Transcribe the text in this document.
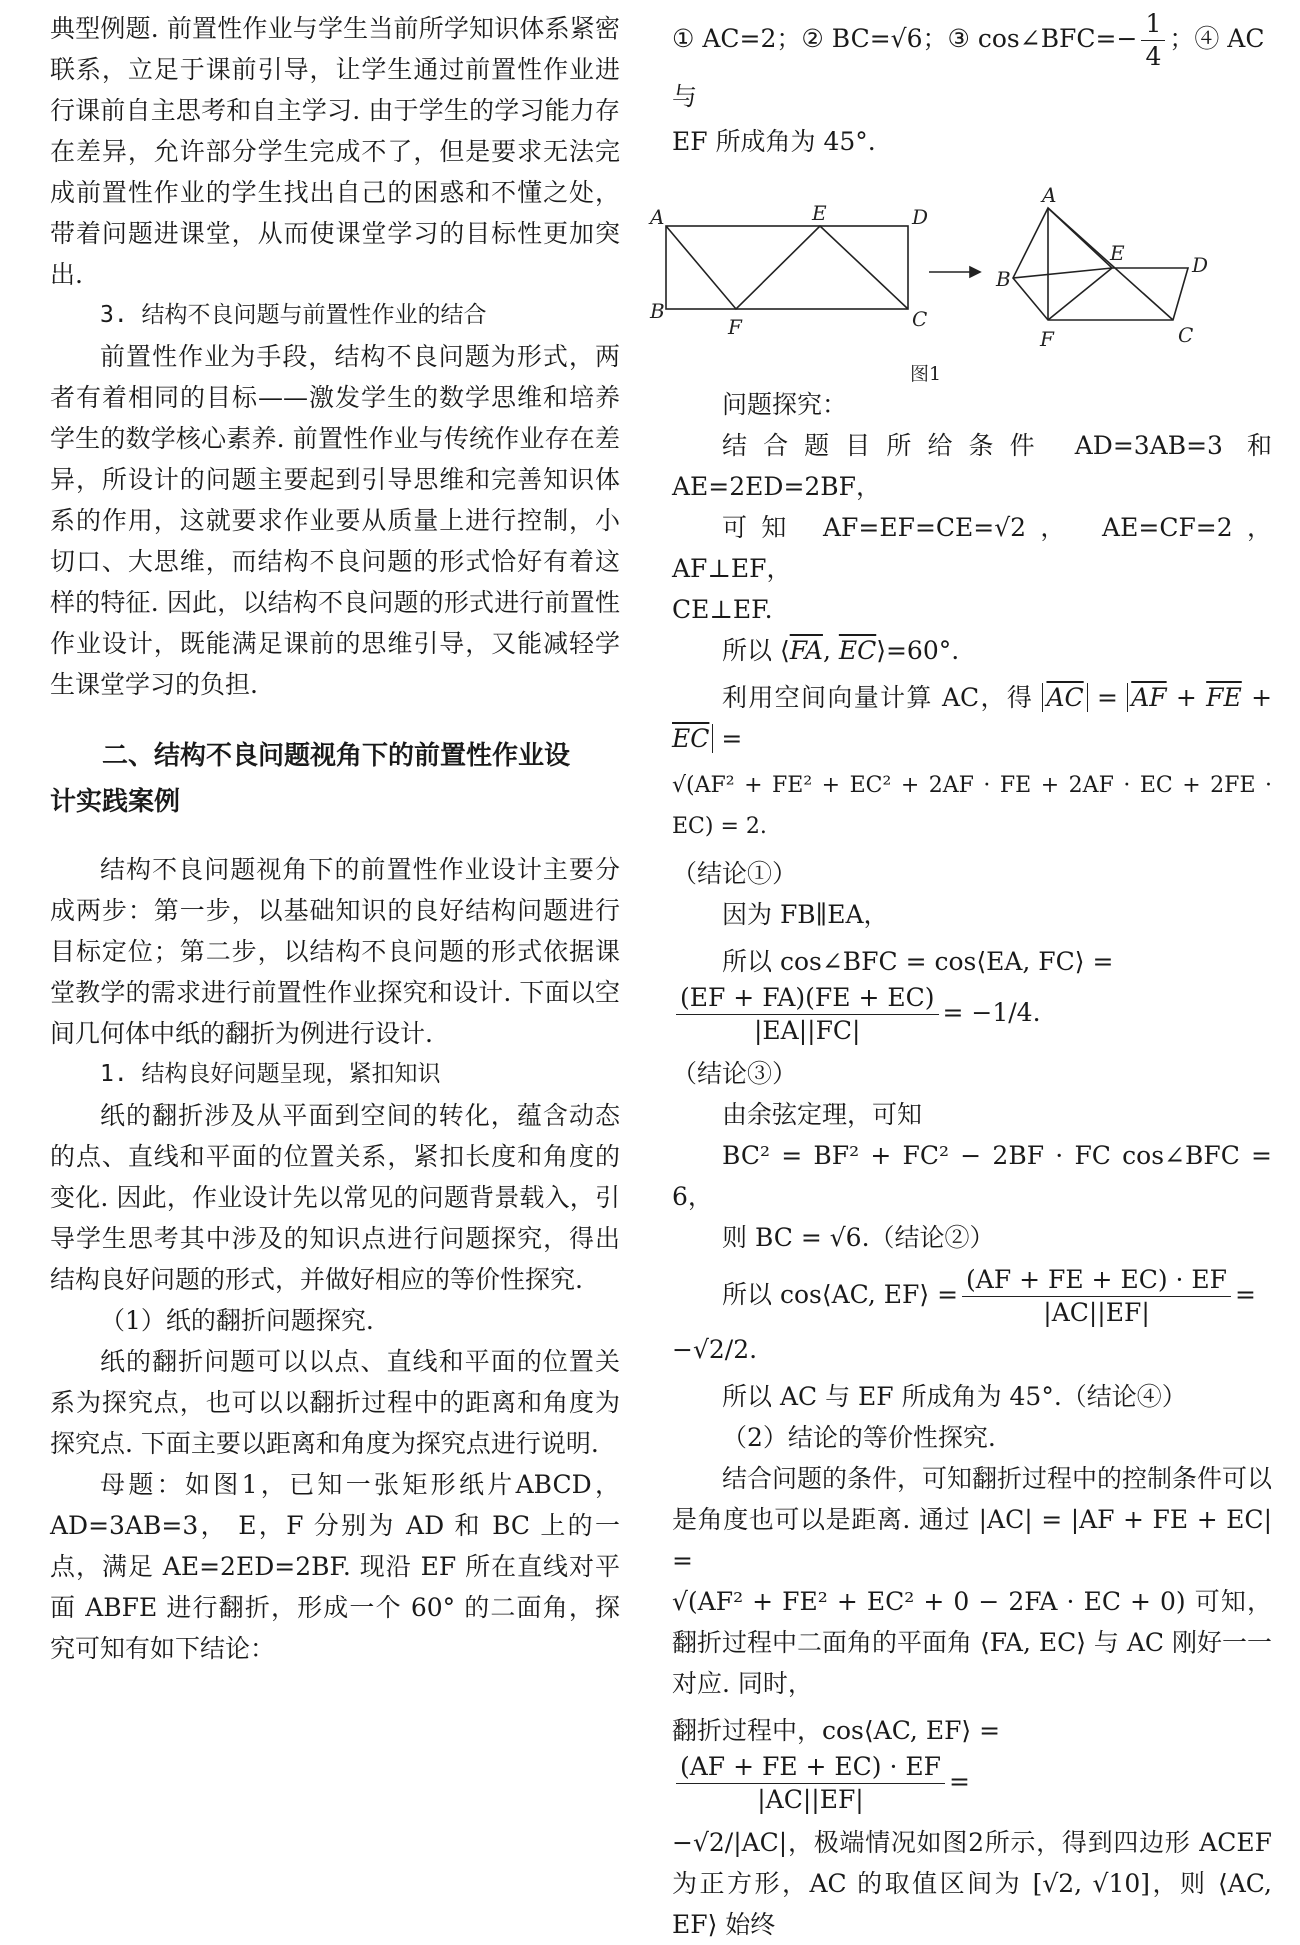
典型例题. 前置性作业与学生当前所学知识体系紧密联系，立足于课前引导，让学生通过前置性作业进行课前自主思考和自主学习. 由于学生的学习能力存在差异，允许部分学生完成不了，但是要求无法完成前置性作业的学生找出自己的困惑和不懂之处，带着问题进课堂，从而使课堂学习的目标性更加突出.

3. 结构不良问题与前置性作业的结合

前置性作业为手段，结构不良问题为形式，两者有着相同的目标——激发学生的数学思维和培养学生的数学核心素养. 前置性作业与传统作业存在差异，所设计的问题主要起到引导思维和完善知识体系的作用，这就要求作业要从质量上进行控制，小切口、大思维，而结构不良问题的形式恰好有着这样的特征. 因此，以结构不良问题的形式进行前置性作业设计，既能满足课前的思维引导，又能减轻学生课堂学习的负担.

二、结构不良问题视角下的前置性作业设
计实践案例

结构不良问题视角下的前置性作业设计主要分成两步：第一步，以基础知识的良好结构问题进行目标定位；第二步，以结构不良问题的形式依据课堂教学的需求进行前置性作业探究和设计. 下面以空间几何体中纸的翻折为例进行设计.

1. 结构良好问题呈现，紧扣知识

纸的翻折涉及从平面到空间的转化，蕴含动态的点、直线和平面的位置关系，紧扣长度和角度的变化. 因此，作业设计先以常见的问题背景载入，引导学生思考其中涉及的知识点进行问题探究，得出结构良好问题的形式，并做好相应的等价性探究.

（1）纸的翻折问题探究.

纸的翻折问题可以以点、直线和平面的位置关系为探究点，也可以以翻折过程中的距离和角度为探究点. 下面主要以距离和角度为探究点进行说明.

母题：如图1，已知一张矩形纸片ABCD， AD=3AB=3， E，F 分别为 AD 和 BC 上的一点，满足 AE=2ED=2BF. 现沿 EF 所在直线对平面 ABFE 进行翻折，形成一个 60° 的二面角，探究可知有如下结论：

① AC=2；② BC=√6；③ cos∠BFC=− $\frac{1}{4}$ ；④ AC 与

EF 所成角为 45°.

A
B	C
D
E
F
A
B
C
D
E
F
图1

问题探究：

结合题目所给条件 AD=3AB=3 和 AE=2ED=2BF，

可知 AF=EF=CE=√2， AE=CF=2， AF⊥EF，

CE⊥EF.

所以 $⟨\overline{FA}$, $\overline{EC}⟩=60^\circ$.

利用空间向量计算 AC，得 $\overline{AC} = \overline{AF} + \overline{FE} + \overline{EC}$ =

√(AF² + FE² + EC² + 2AF · FE + 2AF · EC + 2FE · EC) = 2.

（结论①）

因为 FB∥EA，

所以 cos∠BFC = cos⟨EA, FC⟩ =
$\frac{(EF + FA)(FE + EC)}{|EA||FC|} = -1/4$.

（结论③）

由余弦定理，可知

BC² = BF² + FC² − 2BF · FC cos∠BFC = 6，

则 BC = √6.（结论②）

所以 cos⟨AC, EF⟩ = $\frac{(AF + FE + EC) \cdot EF}{|AC||EF|} = -√2/2$.

所以 AC 与 EF 所成角为 45°.（结论④）

（2）结论的等价性探究.

结合问题的条件，可知翻折过程中的控制条件可以是角度也可以是距离. 通过 |AC| = |AF + FE + EC| =

√(AF² + FE² + EC² + 0 − 2FA · EC + 0) 可知，翻折过程中二面角的平面角 ⟨FA, EC⟩ 与 AC 刚好一一对应. 同时，

翻折过程中，cos⟨AC, EF⟩ =
$\frac{(AF + FE + EC) \cdot EF}{|AC||EF|}$ =

−√2/|AC|，极端情况如图2所示，得到四边形 ACEF 为正方形，AC 的取值区间为 [√2, √10]，则 ⟨AC, EF⟩ 始终
